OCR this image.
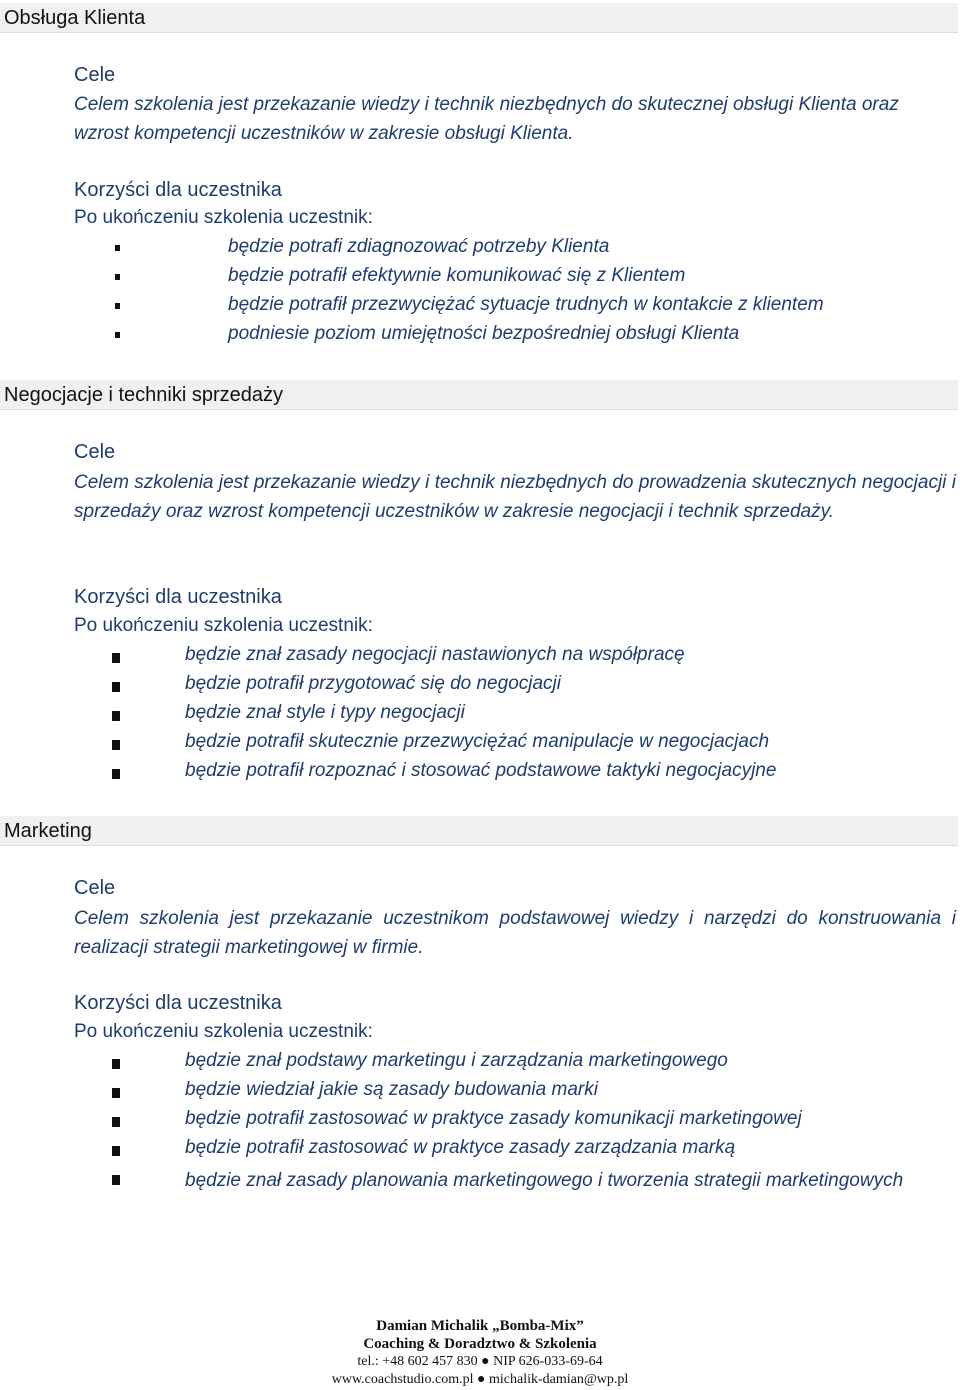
Obsługa Klienta
Cele
Celem szkolenia jest przekazanie wiedzy i technik niezbędnych do skutecznej obsługi Klienta oraz wzrost kompetencji uczestników w zakresie obsługi Klienta.
Korzyści dla uczestnika
Po ukończeniu szkolenia uczestnik:
będzie potrafi zdiagnozować potrzeby Klienta
będzie potrafił efektywnie komunikować się z Klientem
będzie potrafił przezwyciężać sytuacje trudnych w kontakcie z klientem
podniesie poziom umiejętności bezpośredniej obsługi Klienta
Negocjacje i techniki sprzedaży
Cele
Celem szkolenia jest przekazanie wiedzy i technik niezbędnych do prowadzenia skutecznych negocjacji i sprzedaży oraz wzrost kompetencji uczestników w zakresie negocjacji i technik sprzedaży.
Korzyści dla uczestnika
Po ukończeniu szkolenia uczestnik:
będzie znał zasady negocjacji nastawionych na współpracę
będzie potrafił przygotować się do negocjacji
będzie znał style i typy negocjacji
będzie potrafił skutecznie przezwyciężać manipulacje w negocjacjach
będzie potrafił rozpoznać i stosować podstawowe taktyki negocjacyjne
Marketing
Cele
Celem szkolenia jest przekazanie uczestnikom podstawowej wiedzy i narzędzi do konstruowania i realizacji strategii marketingowej w firmie.
Korzyści dla uczestnika
Po ukończeniu szkolenia uczestnik:
będzie znał podstawy marketingu i zarządzania marketingowego
będzie wiedział jakie są zasady budowania marki
będzie potrafił zastosować w praktyce zasady komunikacji marketingowej
będzie potrafił zastosować w praktyce zasady zarządzania marką
będzie znał zasady planowania marketingowego i tworzenia strategii marketingowych
Damian Michalik „Bomba-Mix”
Coaching & Doradztwo & Szkolenia
tel.: +48 602 457 830 ● NIP 626-033-69-64
www.coachstudio.com.pl ● michalik-damian@wp.pl
